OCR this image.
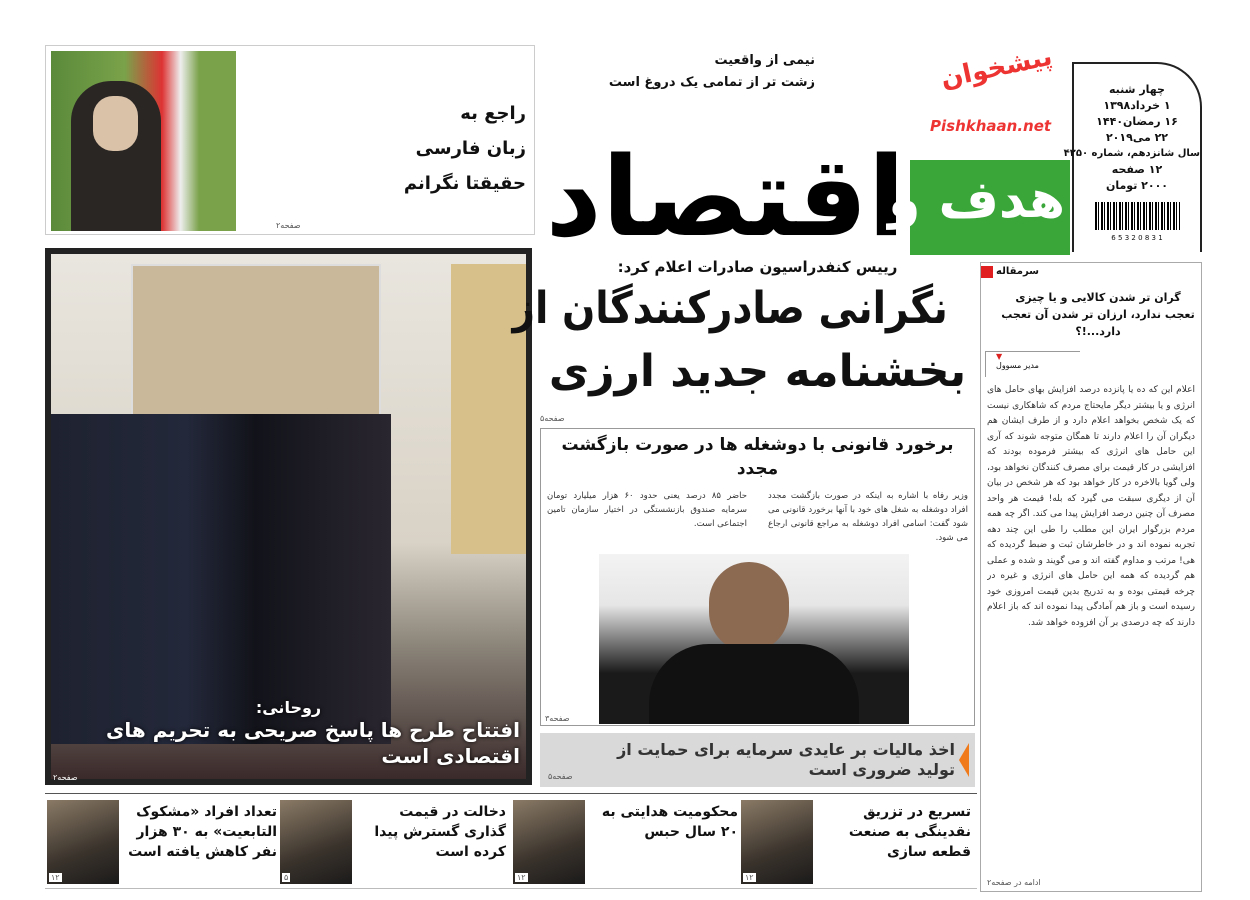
راجع به
زبان فارسی
حقیقتا نگرانم
صفحه۲
نیمی از واقعیت
زشت تر از تمامی یک دروغ است	پیشخوان
Pishkhaan.net
اقتصاد
هدف و
چهار شنبه
۱ خرداد۱۳۹۸
۱۶ رمضان۱۴۴۰
۲۲ می۲۰۱۹
سال شانزدهم، شماره ۴۲۵۰
۱۲ صفحه
۲۰۰۰ تومان
1 3 8 0 2 3 5 6
روحانی:
افتتاح طرح ها پاسخ صریحی به تحریم های اقتصادی است
صفحه۲
رییس کنفدراسیون صادرات اعلام کرد:
نگرانی صادرکنندگان از
بخشنامه جدید ارزی
صفحه۵
برخورد قانونی با دوشغله ها در صورت بازگشت مجدد
وزیر رفاه با اشاره به اینکه در صورت بازگشت مجدد افراد دوشغله به شغل های خود با آنها برخورد قانونی می شود گفت: اسامی افراد دوشغله به مراجع قانونی ارجاع می شود.
حاضر ۸۵ درصد یعنی حدود ۶۰ هزار میلیارد تومان سرمایه صندوق بازنشستگی در اختیار سازمان تامین اجتماعی است.
صفحه۳
اخذ مالیات بر عایدی سرمایه برای حمایت از تولید ضروری است
صفحه۵
سرمقاله
گران تر شدن کالایی و یا چیزی تعجب ندارد، ارزان تر شدن آن تعجب دارد...!؟
▼
مدیر مسوول
اعلام این که ده یا پانزده درصد افزایش بهای حامل های انرژی و یا بیشتر دیگر مایحتاج مردم که شاهکاری نیست که یک شخص بخواهد اعلام دارد و از طرف ایشان هم دیگران آن را اعلام دارند تا همگان متوجه شوند که آری این حامل های انرژی که بیشتر فرموده بودند که افزایشی در کار قیمت برای مصرف کنندگان نخواهد بود، ولی گویا بالاخره در کار خواهد بود که هر شخص در بیان آن از دیگری سبقت می گیرد که بله! قیمت هر واحد مصرف آن چنین درصد افزایش پیدا می کند. اگر چه همه مردم بزرگوار ایران این مطلب را طی این چند دهه تجربه نموده اند و در خاطرشان ثبت و ضبط گردیده که هی! مرتب و مداوم گفته اند و می گویند و شده و عملی هم گردیده که همه این حامل های انرژی و غیره در چرخه قیمتی بوده و به تدریج بدین قیمت امروزی خود رسیده است و باز هم آمادگی پیدا نموده اند که باز اعلام دارند که چه درصدی بر آن افزوده خواهد شد.
ادامه در صفحه۲
تسریع در تزریق نقدینگی به صنعت قطعه سازی
۱۲
محکومیت هدایتی به ۲۰ سال حبس
۱۲
دخالت در قیمت گذاری گسترش پیدا کرده است
۵
تعداد افراد «مشکوک التابعیت» به ۳۰ هزار نفر کاهش یافته است
۱۲
